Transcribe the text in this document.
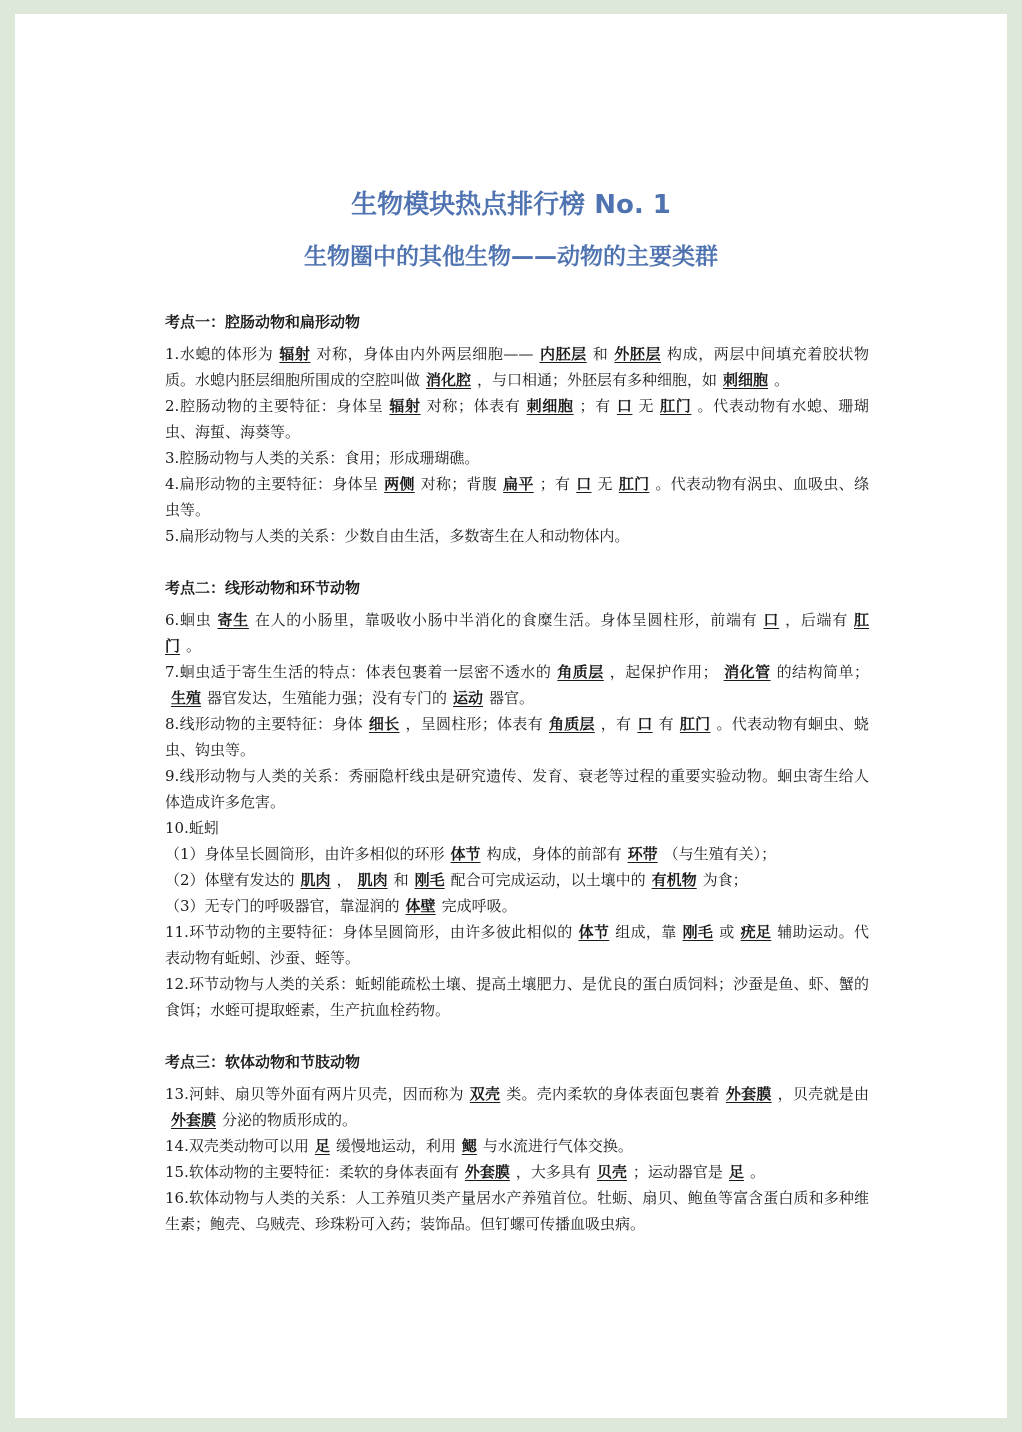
生物模块热点排行榜 No. 1
生物圈中的其他生物——动物的主要类群
考点一：腔肠动物和扁形动物
1.水螅的体形为 辐射 对称，身体由内外两层细胞—— 内胚层 和 外胚层 构成，两层中间填充着胶状物质。水螅内胚层细胞所围成的空腔叫做 消化腔 ，与口相通；外胚层有多种细胞，如 刺细胞 。
2.腔肠动物的主要特征：身体呈 辐射 对称；体表有 刺细胞 ；有 口 无 肛门 。代表动物有水螅、珊瑚虫、海蜇、海葵等。
3.腔肠动物与人类的关系：食用；形成珊瑚礁。
4.扁形动物的主要特征：身体呈 两侧 对称；背腹 扁平 ；有 口 无 肛门 。代表动物有涡虫、血吸虫、绦虫等。
5.扁形动物与人类的关系：少数自由生活，多数寄生在人和动物体内。
考点二：线形动物和环节动物
6.蛔虫 寄生 在人的小肠里，靠吸收小肠中半消化的食糜生活。身体呈圆柱形，前端有 口 ，后端有 肛门 。
7.蛔虫适于寄生生活的特点：体表包裹着一层密不透水的 角质层 ，起保护作用； 消化管 的结构简单；生殖 器官发达，生殖能力强；没有专门的 运动 器官。
8.线形动物的主要特征：身体 细长 ，呈圆柱形；体表有 角质层 ，有 口 有 肛门 。代表动物有蛔虫、蛲虫、钩虫等。
9.线形动物与人类的关系：秀丽隐杆线虫是研究遗传、发育、衰老等过程的重要实验动物。蛔虫寄生给人体造成许多危害。
10.蚯蚓
（1）身体呈长圆筒形，由许多相似的环形 体节 构成，身体的前部有 环带 （与生殖有关）；
（2）体壁有发达的 肌肉 ， 肌肉 和 刚毛 配合可完成运动，以土壤中的 有机物 为食；
（3）无专门的呼吸器官，靠湿润的 体壁 完成呼吸。
11.环节动物的主要特征：身体呈圆筒形，由许多彼此相似的 体节 组成，靠 刚毛 或 疣足 辅助运动。代表动物有蚯蚓、沙蚕、蛭等。
12.环节动物与人类的关系：蚯蚓能疏松土壤、提高土壤肥力、是优良的蛋白质饲料；沙蚕是鱼、虾、蟹的食饵；水蛭可提取蛭素，生产抗血栓药物。
考点三：软体动物和节肢动物
13.河蚌、扇贝等外面有两片贝壳，因而称为 双壳 类。壳内柔软的身体表面包裹着 外套膜 ，贝壳就是由外套膜 分泌的物质形成的。
14.双壳类动物可以用 足 缓慢地运动，利用 鳃 与水流进行气体交换。
15.软体动物的主要特征：柔软的身体表面有 外套膜 ，大多具有 贝壳 ；运动器官是 足 。
16.软体动物与人类的关系：人工养殖贝类产量居水产养殖首位。牡蛎、扇贝、鲍鱼等富含蛋白质和多种维生素；鲍壳、乌贼壳、珍珠粉可入药；装饰品。但钉螺可传播血吸虫病。
